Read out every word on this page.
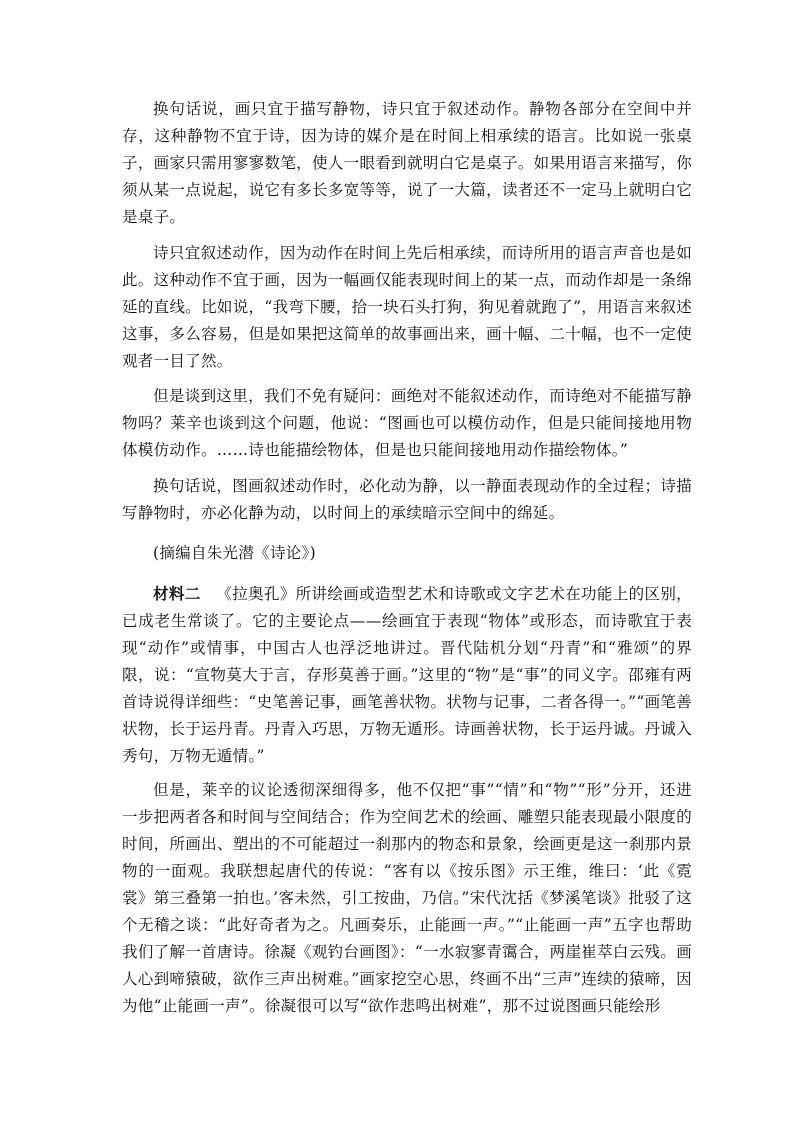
换句话说，画只宜于描写静物，诗只宜于叙述动作。静物各部分在空间中并存，这种静物不宜于诗，因为诗的媒介是在时间上相承续的语言。比如说一张桌子，画家只需用寥寥数笔，使人一眼看到就明白它是桌子。如果用语言来描写，你须从某一点说起，说它有多长多宽等等，说了一大篇，读者还不一定马上就明白它是桌子。

诗只宜叙述动作，因为动作在时间上先后相承续，而诗所用的语言声音也是如此。这种动作不宜于画，因为一幅画仅能表现时间上的某一点，而动作却是一条绵延的直线。比如说，“我弯下腰，拾一块石头打狗，狗见着就跑了”，用语言来叙述这事，多么容易，但是如果把这简单的故事画出来，画十幅、二十幅，也不一定使观者一目了然。

但是谈到这里，我们不免有疑问：画绝对不能叙述动作，而诗绝对不能描写静物吗？莱辛也谈到这个问题，他说：“图画也可以模仿动作，但是只能间接地用物体模仿动作。……诗也能描绘物体，但是也只能间接地用动作描绘物体。”

换句话说，图画叙述动作时，必化动为静，以一静面表现动作的全过程；诗描写静物时，亦必化静为动，以时间上的承续暗示空间中的绵延。

(摘编自朱光潜《诗论》)

材料二 《拉奥孔》所讲绘画或造型艺术和诗歌或文字艺术在功能上的区别，已成老生常谈了。它的主要论点——绘画宜于表现“物体”或形态，而诗歌宜于表现“动作”或情事，中国古人也浮泛地讲过。晋代陆机分划“丹青”和“雅颂”的界限，说：“宣物莫大于言，存形莫善于画。”这里的“物”是“事”的同义字。邵雍有两首诗说得详细些：“史笔善记事，画笔善状物。状物与记事，二者各得一。”“画笔善状物，长于运丹青。丹青入巧思，万物无遁形。诗画善状物，长于运丹诚。丹诚入秀句，万物无遁情。”

但是，莱辛的议论透彻深细得多，他不仅把“事”“情”和“物”“形”分开，还进一步把两者各和时间与空间结合；作为空间艺术的绘画、雕塑只能表现最小限度的时间，所画出、塑出的不可能超过一刹那内的物态和景象，绘画更是这一刹那内景物的一面观。我联想起唐代的传说：“客有以《按乐图》示王维，维曰：‘此《霓裳》第三叠第一拍也。’客未然，引工按曲，乃信。”宋代沈括《梦溪笔谈》批驳了这个无稽之谈：“此好奇者为之。凡画奏乐，止能画一声。”“止能画一声”五字也帮助我们了解一首唐诗。徐凝《观钓台画图》：“一水寂寥青霭合，两崖崔萃白云残。画人心到啼猿破，欲作三声出树难。”画家挖空心思，终画不出“三声”连续的猿啼，因为他“止能画一声”。徐凝很可以写“欲作悲鸣出树难”，那不过说图画只能绘形
